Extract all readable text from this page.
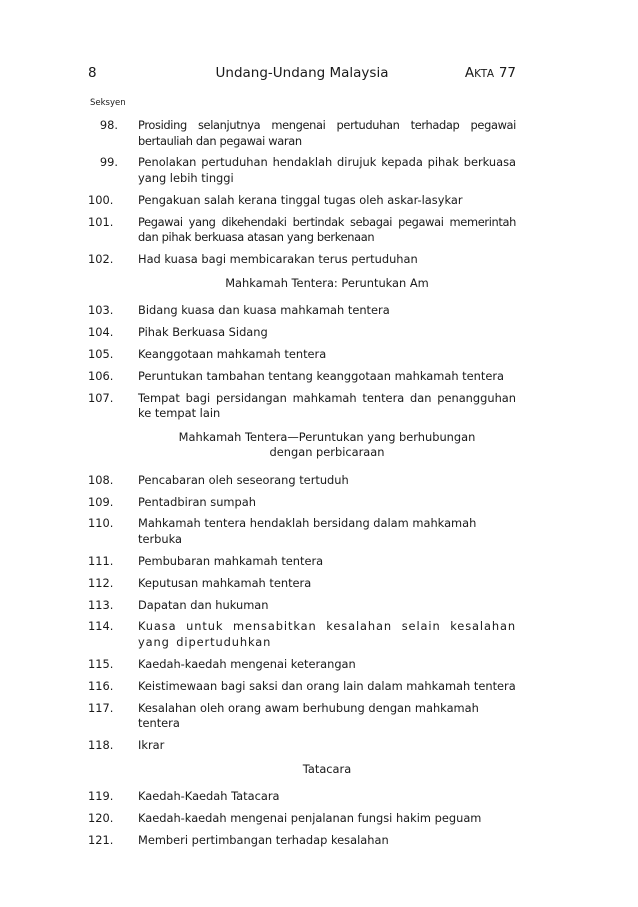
8	Undang-Undang Malaysia	AKTA 77
Seksyen
98. Prosiding selanjutnya mengenai pertuduhan terhadap pegawai bertauliah dan pegawai waran
99. Penolakan pertuduhan hendaklah dirujuk kepada pihak berkuasa yang lebih tinggi
100.	Pengakuan salah kerana tinggal tugas oleh askar-lasykar
101.	Pegawai yang dikehendaki bertindak sebagai pegawai memerintah dan pihak berkuasa atasan yang berkenaan
102.	Had kuasa bagi membicarakan terus pertuduhan
Mahkamah Tentera: Peruntukan Am
103.	Bidang kuasa dan kuasa mahkamah tentera
104.	Pihak Berkuasa Sidang
105.	Keanggotaan mahkamah tentera
106.	Peruntukan tambahan tentang keanggotaan mahkamah tentera
107.	Tempat bagi persidangan mahkamah tentera dan penangguhan ke tempat lain
Mahkamah Tentera—Peruntukan yang berhubungan
dengan perbicaraan
108.	Pencabaran oleh seseorang tertuduh
109.	Pentadbiran sumpah
110.	Mahkamah tentera hendaklah bersidang dalam mahkamah terbuka
111.	Pembubaran mahkamah tentera
112.	Keputusan mahkamah tentera
113.	Dapatan dan hukuman
114.	Kuasa untuk mensabitkan kesalahan selain kesalahan yang dipertuduhkan
115.	Kaedah-kaedah mengenai keterangan
116.	Keistimewaan bagi saksi dan orang lain dalam mahkamah tentera
117.	Kesalahan oleh orang awam berhubung dengan mahkamah tentera
118.	Ikrar
Tatacara
119.	Kaedah-Kaedah Tatacara
120.	Kaedah-kaedah mengenai penjalanan fungsi hakim peguam
121.	Memberi pertimbangan terhadap kesalahan
